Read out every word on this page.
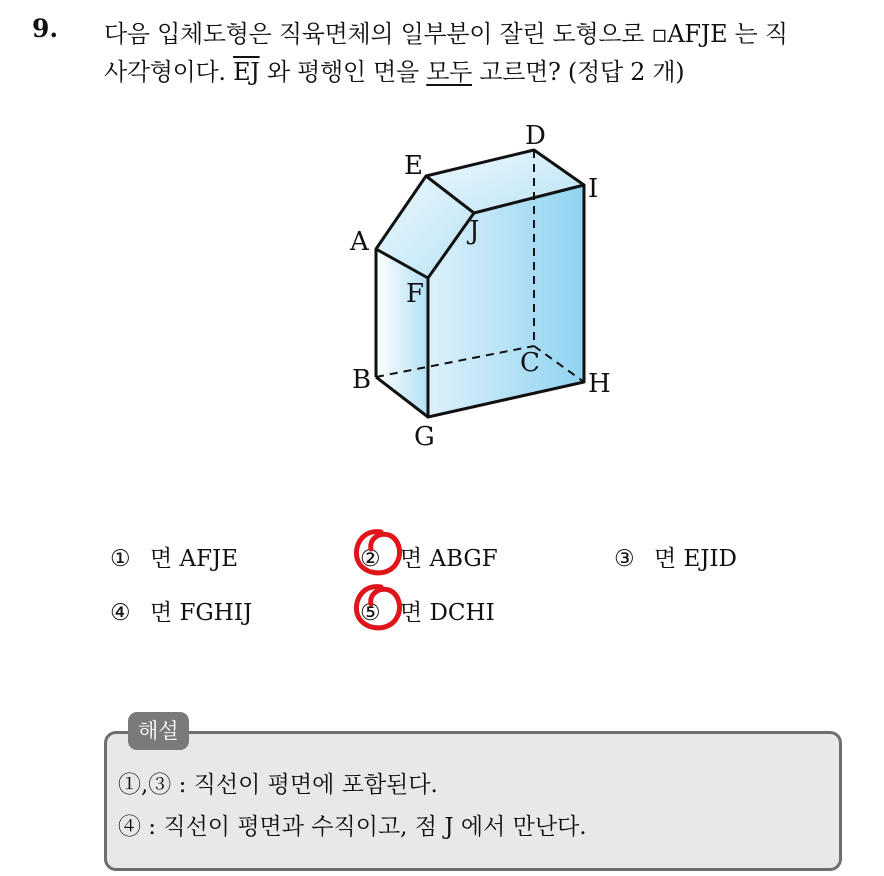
9. 다음 입체도형은 직육면체의 일부분이 잘린 도형으로 ▫AFJE 는 직
사각형이다. $\overline{EJ}$ 와 평행인 면을 모두 고르면? (정답 2 개)
A
B
C
D
E
F
G
H
I
J
① 면 AFJE	② 면 ABGF	③ 면 EJID
④ 면 FGHIJ	⑤ 면 DCHI
해설
①,③ : 직선이 평면에 포함된다.
④ : 직선이 평면과 수직이고, 점 J 에서 만난다.
